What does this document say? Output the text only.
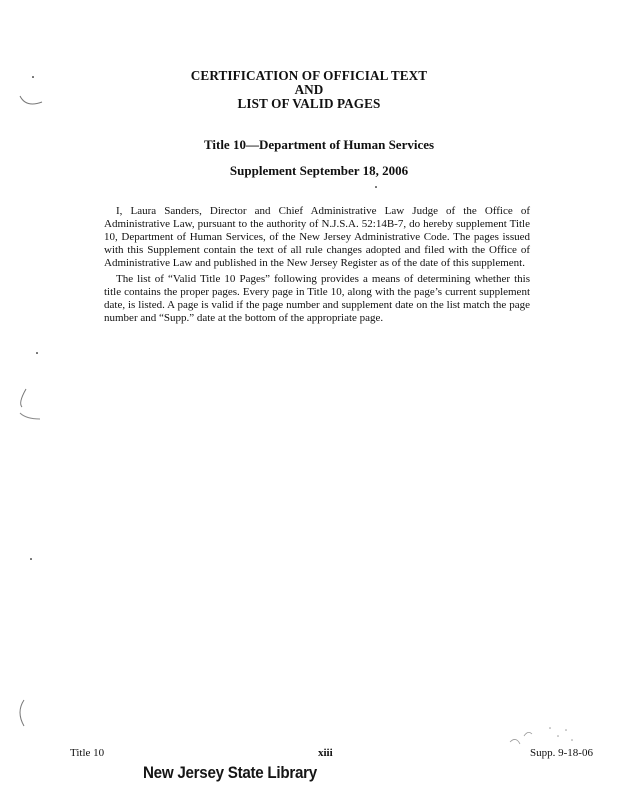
CERTIFICATION OF OFFICIAL TEXT
AND
LIST OF VALID PAGES
Title 10—Department of Human Services
Supplement September 18, 2006

I, Laura Sanders, Director and Chief Administrative Law Judge of the Office of Administrative Law, pursuant to the authority of N.J.S.A. 52:14B-7, do hereby supplement Title 10, Department of Human Services, of the New Jersey Administrative Code. The pages issued with this Supplement contain the text of all rule changes adopted and filed with the Office of Administrative Law and published in the New Jersey Register as of the date of this supplement.

The list of “Valid Title 10 Pages” following provides a means of determining whether this title contains the proper pages. Every page in Title 10, along with the page’s current supplement date, is listed. A page is valid if the page number and supplement date on the list match the page number and “Supp.” date at the bottom of the appropriate page.

Title 10	xiii	Supp. 9-18-06
New Jersey State Library
